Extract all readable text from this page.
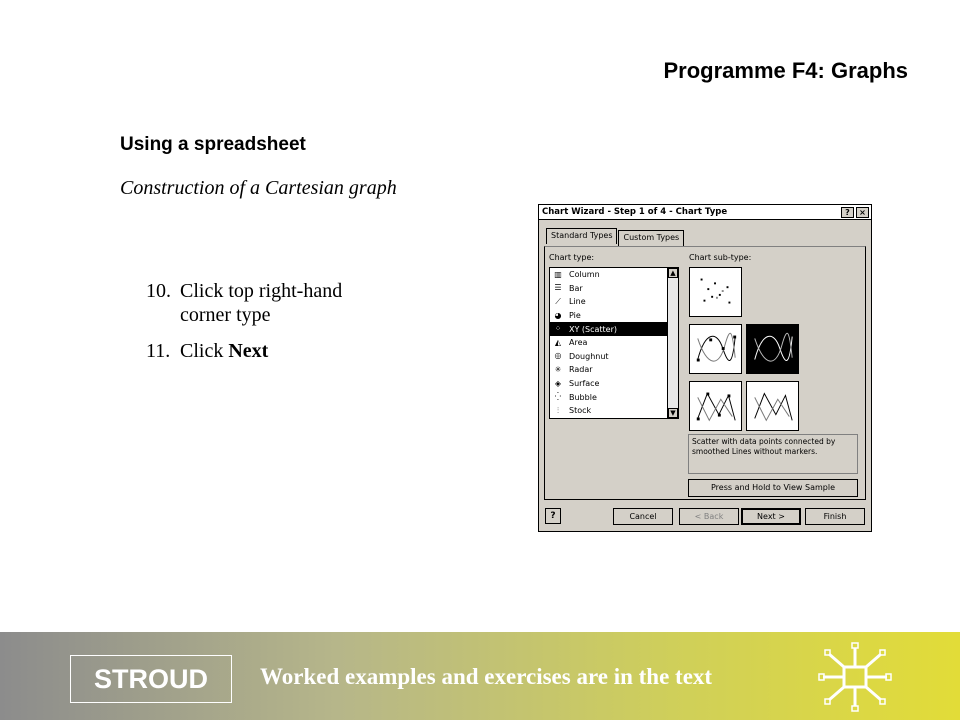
Programme F4: Graphs
Using a spreadsheet
Construction of a Cartesian graph
10. Click top right-hand corner type
11. Click Next
Chart Wizard - Step 1 of 4 - Chart Type	?	×
Standard Types	Custom Types
Chart type:	Chart sub-type:
▥ Column
☰ Bar
⟋ Line
◕ Pie
⁘ XY (Scatter)
◭ Area
◎ Doughnut
✳ Radar
◈ Surface
⁛ Bubble
⫶	Stock
▲
▼
Scatter with data points connected by smoothed Lines without markers.
Press and Hold to View Sample
?	Cancel	< Back	Next >	Finish
STROUD	Worked examples and exercises are in the text
